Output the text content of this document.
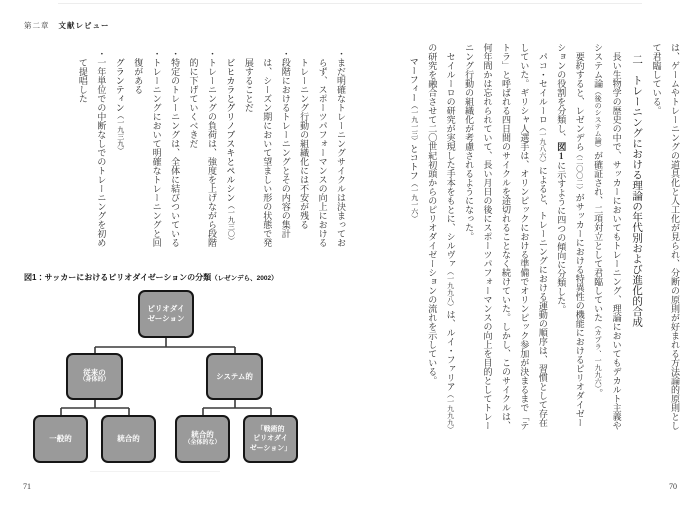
第二章 文献レビュー

は、ゲームやトレーニングの道具化と人工化が見られ、分断の原則が好まれる方法論的原則として君臨している。

二　トレーニングにおける理論の年代別および進化的合成

長い生物学の歴史の中で、サッカーにおいてもトレーニング、理論においてもデカルト主義やシステム論（後のシステム論）が確証され、二項対立として君臨していた（カプラ、一九九六）。

要約すると、レゼンデら（二〇〇二）がサッカーにおける特異性の機能におけるピリオダイゼーションの役割を分類し、図1に示すように四つの傾向に分類した。

パコ・セイルーロ（一九八六）によると、トレーニングにおける運動の順序は、習慣として存在していた。ギリシャ人選手は、オリンピックにおける準備でオリンピック参加が決まるまで「テトラ」と呼ばれる四日間のサイクルを途切れることなく続けていた。しかし、このサイクルは、何年間かは忘れられていて、長い月日の後にスポーツパフォーマンスの向上を目的としてトレーニング行動の組織化が考慮されるようになった。

セイルーロの研究が実現した手本をもとに、シルヴァ（一九九八）は、ルイ・ファリア（一九九九）の研究を融合させて二〇世紀初頭からのピリオダイゼーションの流れを示している。

マーフィー（一九一三）とコトフ（一九一六）

・まだ明確なトレーニングサイクルは決まっておらず、スポーツパフォーマンスの向上におけるトレーニング行動の組織化には不安が残る

・段階におけるトレーニングとその内容の集計は、シーズン期において望ましい形の状態で発展することだ

ビヒカラとグリノブスキとペルシン（一九三〇）

・トレーニングの負荷は、強度を上げながら段階的に下げていくべきだ

・特定のトレーニングは、全体に結びついている

・トレーニングにおいて明確なトレーニングと回復がある

グランティン（一九三九）

・一年単位での中断なしでのトレーニングを初めて提唱した

図1：サッカーにおけるピリオダイゼーションの分類（レゼンデら、2002）
ピリオダイ
ゼーション
従来の
（身体的）	システム的
一般的	統合的	統合的
（全体的な）
「戦術的
ピリオダイ
ゼーション」
71	70
